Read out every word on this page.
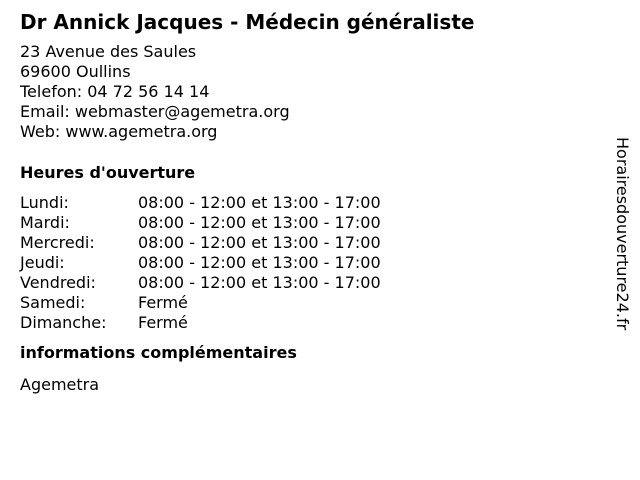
Dr Annick Jacques - Médecin généraliste
23 Avenue des Saules
69600 Oullins
Telefon: 04 72 56 14 14
Email: webmaster@agemetra.org
Web: www.agemetra.org
Heures d'ouverture
Lundi:	08:00 - 12:00 et 13:00 - 17:00
Mardi:	08:00 - 12:00 et 13:00 - 17:00
Mercredi:	08:00 - 12:00 et 13:00 - 17:00
Jeudi:	08:00 - 12:00 et 13:00 - 17:00
Vendredi:	08:00 - 12:00 et 13:00 - 17:00
Samedi:	Fermé
Dimanche:	Fermé
informations complémentaires
Agemetra
Horairesdouverture24.fr
